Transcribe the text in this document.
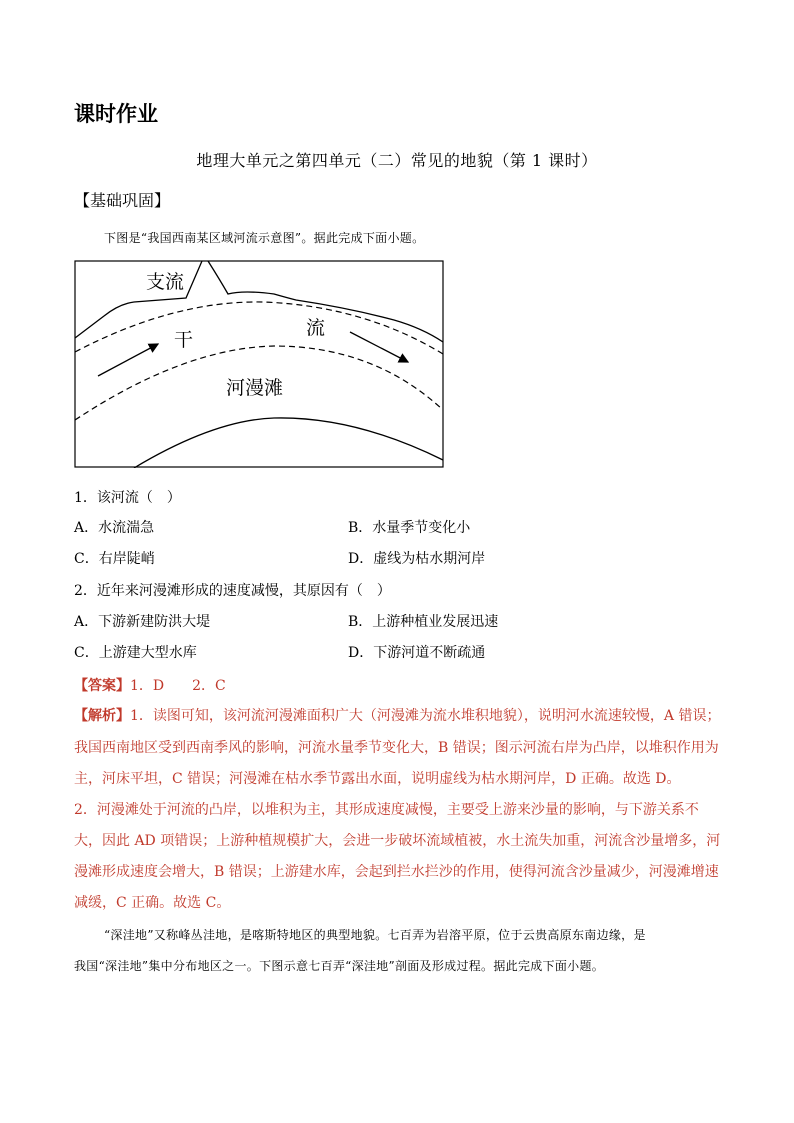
课时作业
地理大单元之第四单元（二）常见的地貌（第 1 课时）
【基础巩固】
下图是“我国西南某区域河流示意图”。据此完成下面小题。
支流
干
流
河漫滩
1．该河流（　）
A．水流湍急	B．水量季节变化小
C．右岸陡峭	D．虚线为枯水期河岸
2．近年来河漫滩形成的速度减慢，其原因有（　）
A．下游新建防洪大堤	B．上游种植业发展迅速
C．上游建大型水库	D．下游河道不断疏通
【答案】1．D　　2．C
【解析】1．读图可知，该河流河漫滩面积广大（河漫滩为流水堆积地貌），说明河水流速较慢，A 错误；
我国西南地区受到西南季风的影响，河流水量季节变化大，B 错误；图示河流右岸为凸岸，以堆积作用为
主，河床平坦，C 错误；河漫滩在枯水季节露出水面，说明虚线为枯水期河岸，D 正确。故选 D。
2．河漫滩处于河流的凸岸，以堆积为主，其形成速度减慢，主要受上游来沙量的影响，与下游关系不
大，因此 AD 项错误；上游种植规模扩大，会进一步破坏流域植被，水土流失加重，河流含沙量增多，河
漫滩形成速度会增大，B 错误；上游建水库，会起到拦水拦沙的作用，使得河流含沙量减少，河漫滩增速
减缓，C 正确。故选 C。
“深洼地”又称峰丛洼地，是喀斯特地区的典型地貌。七百弄为岩溶平原，位于云贵高原东南边缘，是
我国“深洼地”集中分布地区之一。下图示意七百弄“深洼地”剖面及形成过程。据此完成下面小题。
